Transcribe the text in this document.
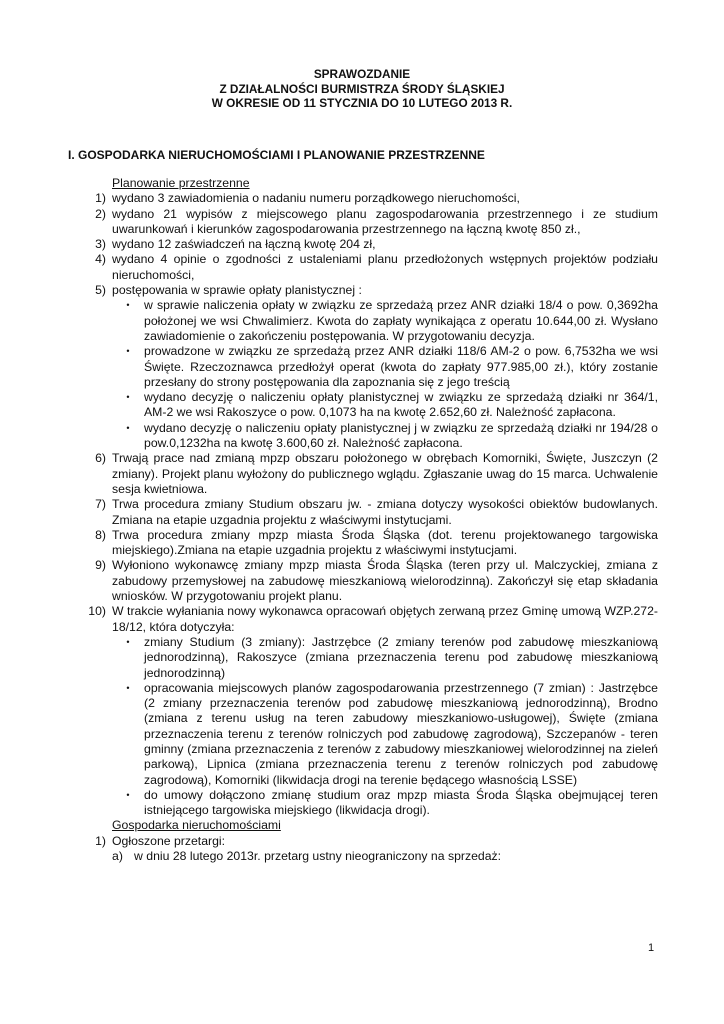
SPRAWOZDANIE
Z DZIAŁALNOŚCI BURMISTRZA ŚRODY ŚLĄSKIEJ
W OKRESIE OD 11 STYCZNIA DO 10 LUTEGO 2013 R.
I. GOSPODARKA NIERUCHOMOŚCIAMI I PLANOWANIE PRZESTRZENNE
Planowanie przestrzenne
1) wydano 3 zawiadomienia o nadaniu numeru porządkowego nieruchomości,
2) wydano 21 wypisów z miejscowego planu zagospodarowania przestrzennego i ze studium uwarunkowań i kierunków zagospodarowania przestrzennego na łączną kwotę 850 zł.,
3) wydano 12 zaświadczeń na łączną kwotę 204 zł,
4) wydano 4 opinie o zgodności z ustaleniami planu przedłożonych wstępnych projektów podziału nieruchomości,
5) postępowania w sprawie opłaty planistycznej :
•	w sprawie naliczenia opłaty w związku ze sprzedażą przez ANR działki 18/4 o pow. 0,3692ha położonej we wsi Chwalimierz. Kwota do zapłaty wynikająca z operatu 10.644,00 zł. Wysłano zawiadomienie o zakończeniu postępowania. W przygotowaniu decyzja.
•	prowadzone w związku ze sprzedażą przez ANR działki 118/6 AM-2 o pow. 6,7532ha we wsi Święte. Rzeczoznawca przedłożył operat (kwota do zapłaty 977.985,00 zł.), który zostanie przesłany do strony postępowania dla zapoznania się z jego treścią
•	wydano decyzję o naliczeniu opłaty planistycznej w związku ze sprzedażą działki nr 364/1, AM-2 we wsi Rakoszyce o pow. 0,1073 ha na kwotę 2.652,60 zł. Należność zapłacona.
•	wydano decyzję o naliczeniu opłaty planistycznej j w związku ze sprzedażą działki nr 194/28 o pow.0,1232ha na kwotę 3.600,60 zł. Należność zapłacona.
6) Trwają prace nad zmianą mpzp obszaru położonego w obrębach Komorniki, Święte, Juszczyn (2 zmiany). Projekt planu wyłożony do publicznego wglądu. Zgłaszanie uwag do 15 marca. Uchwalenie sesja kwietniowa.
7) Trwa procedura zmiany Studium obszaru jw. - zmiana dotyczy wysokości obiektów budowlanych. Zmiana na etapie uzgadnia projektu z właściwymi instytucjami.
8) Trwa procedura zmiany mpzp miasta Środa Śląska (dot. terenu projektowanego targowiska miejskiego).Zmiana na etapie uzgadnia projektu z właściwymi instytucjami.
9) Wyłoniono wykonawcę zmiany mpzp miasta Środa Śląska (teren przy ul. Malczyckiej, zmiana z zabudowy przemysłowej na zabudowę mieszkaniową wielorodzinną). Zakończył się etap składania wniosków. W przygotowaniu projekt planu.
10) W trakcie wyłaniania nowy wykonawca opracowań objętych zerwaną przez Gminę umową WZP.272-18/12, która dotyczyła:
•	zmiany Studium (3 zmiany): Jastrzębce (2 zmiany terenów pod zabudowę mieszkaniową jednorodzinną), Rakoszyce (zmiana przeznaczenia terenu pod zabudowę mieszkaniową jednorodzinną)
•	opracowania miejscowych planów zagospodarowania przestrzennego (7 zmian) : Jastrzębce (2 zmiany przeznaczenia terenów pod zabudowę mieszkaniową jednorodzinną), Brodno (zmiana z terenu usług na teren zabudowy mieszkaniowo-usługowej), Święte (zmiana przeznaczenia terenu z terenów rolniczych pod zabudowę zagrodową), Szczepanów - teren gminny (zmiana przeznaczenia z terenów z zabudowy mieszkaniowej wielorodzinnej na zieleń parkową), Lipnica (zmiana przeznaczenia terenu z terenów rolniczych pod zabudowę zagrodową), Komorniki (likwidacja drogi na terenie będącego własnością LSSE)
•	do umowy dołączono zmianę studium oraz mpzp miasta Środa Śląska obejmującej teren istniejącego targowiska miejskiego (likwidacja drogi).
Gospodarka nieruchomościami
1) Ogłoszone przetargi:
a) w dniu 28 lutego 2013r. przetarg ustny nieograniczony na sprzedaż:
1
